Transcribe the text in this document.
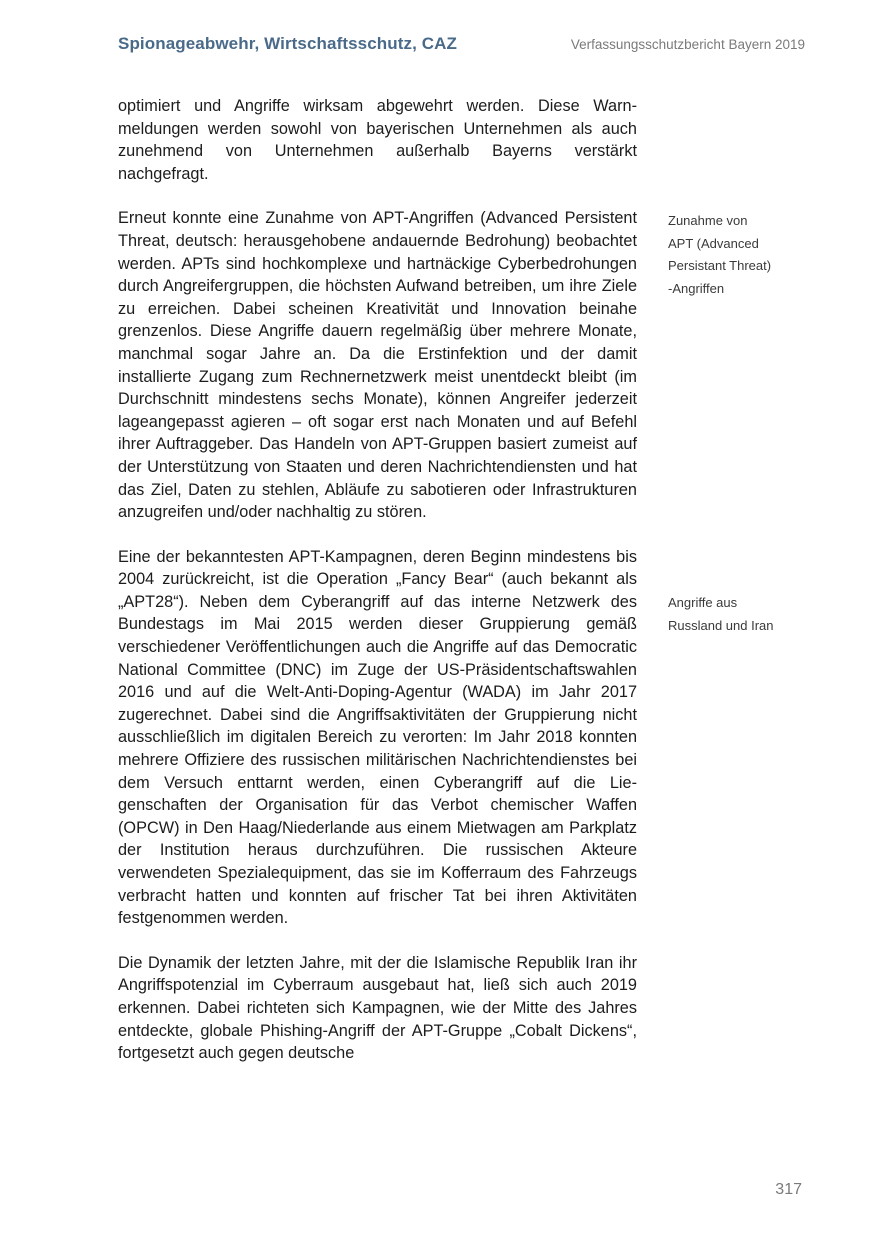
Spionageabwehr, Wirtschaftsschutz, CAZ	Verfassungsschutzbericht Bayern 2019

optimiert und Angriffe wirksam abgewehrt werden. Diese Warnmeldungen werden sowohl von bayerischen Unternehmen als auch zunehmend von Unternehmen außerhalb Bayerns verstärkt nachgefragt.

Erneut konnte eine Zunahme von APT-Angriffen (Advanced Persistent Threat, deutsch: herausgehobene andauernde Bedrohung) beobachtet werden. APTs sind hochkomplexe und hartnäckige Cyberbedrohungen durch Angreifergruppen, die höchsten Aufwand betreiben, um ihre Ziele zu erreichen. Dabei scheinen Kreativität und Innovation beinahe grenzenlos. Diese Angriffe dauern regelmäßig über mehrere Monate, manchmal sogar Jahre an. Da die Erstinfektion und der damit installierte Zugang zum Rechnernetzwerk meist unentdeckt bleibt (im Durchschnitt mindestens sechs Monate), können Angreifer jederzeit lageangepasst agieren – oft sogar erst nach Monaten und auf Befehl ihrer Auftraggeber. Das Handeln von APT-Gruppen basiert zumeist auf der Unterstützung von Staaten und deren Nachrichtendiensten und hat das Ziel, Daten zu stehlen, Abläufe zu sabotieren oder Infrastrukturen anzugreifen und/oder nachhaltig zu stören.

Eine der bekanntesten APT-Kampagnen, deren Beginn mindestens bis 2004 zurückreicht, ist die Operation „Fancy Bear“ (auch bekannt als „APT28“). Neben dem Cyberangriff auf das interne Netzwerk des Bundestags im Mai 2015 werden dieser Gruppierung gemäß verschiedener Veröffentlichungen auch die Angriffe auf das Democratic National Committee (DNC) im Zuge der US-Präsidentschaftswahlen 2016 und auf die Welt-Anti-Doping-Agentur (WADA) im Jahr 2017 zugerechnet. Dabei sind die Angriffsaktivitäten der Gruppierung nicht ausschließlich im digitalen Bereich zu verorten: Im Jahr 2018 konnten mehrere Offiziere des russischen militärischen Nachrichtendienstes bei dem Versuch enttarnt werden, einen Cyberangriff auf die Liegenschaften der Organisation für das Verbot chemischer Waffen (OPCW) in Den Haag/Niederlande aus einem Mietwagen am Parkplatz der Institution heraus durchzuführen. Die russischen Akteure verwendeten Spezialequipment, das sie im Kofferraum des Fahrzeugs verbracht hatten und konnten auf frischer Tat bei ihren Aktivitäten festgenommen werden.

Die Dynamik der letzten Jahre, mit der die Islamische Republik Iran ihr Angriffspotenzial im Cyberraum ausgebaut hat, ließ sich auch 2019 erkennen. Dabei richteten sich Kampagnen, wie der Mitte des Jahres entdeckte, globale Phishing-Angriff der APT-Gruppe „Cobalt Dickens“, fortgesetzt auch gegen deutsche

Zunahme von
APT (Advanced
Persistant Threat)
-Angriffen
Angriffe aus
Russland und Iran
317
